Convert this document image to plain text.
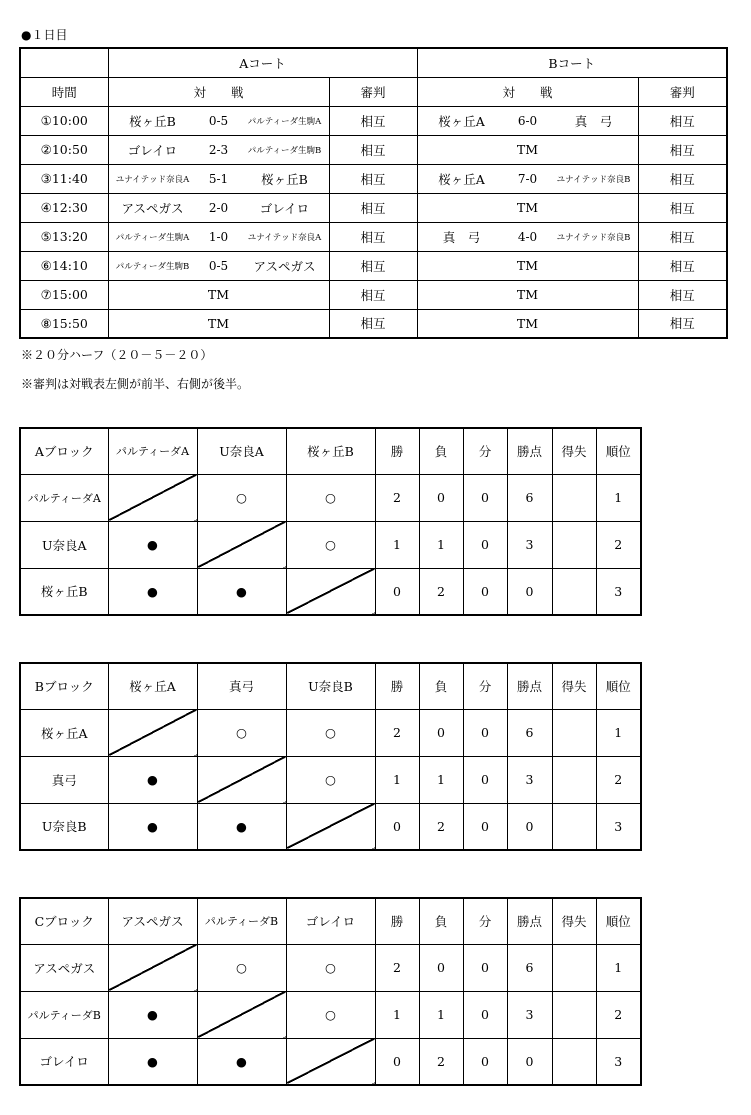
●１日目
	Aコート		Bコート	
時間	対　　戦	審判	対　　戦	審判
①10:00	桜ヶ丘B 0-5 パルティーダ生駒A	相互	桜ヶ丘A 6-0 真　弓	相互
②10:50	ゴレイロ 2-3 パルティーダ生駒B	相互	TM	相互
③11:40	ユナイテッド奈良A 5-1 桜ヶ丘B	相互	桜ヶ丘A 7-0 ユナイテッド奈良B	相互
④12:30	アスペガス 2-0 ゴレイロ	相互	TM	相互
⑤13:20	パルティーダ生駒A 1-0 ユナイテッド奈良A	相互	真　弓 4-0 ユナイテッド奈良B	相互
⑥14:10	パルティーダ生駒B 0-5 アスペガス	相互	TM	相互
⑦15:00	TM	相互	TM	相互
⑧15:50	TM	相互	TM	相互
※２０分ハーフ（２０－５－２０）
※審判は対戦表左側が前半、右側が後半。
Aブロック	パルティーダA	U奈良A	桜ヶ丘B	勝	負	分	勝点	得失	順位
パルティーダA		○	○	2	0	0	6		1
U奈良A	●		○	1	1	0	3		2
桜ヶ丘B	●	●		0	2	0	0		3
Bブロック	桜ヶ丘A	真弓	U奈良B	勝	負	分	勝点	得失	順位
桜ヶ丘A		○	○	2	0	0	6		1
真弓	●		○	1	1	0	3		2
U奈良B	●	●		0	2	0	0		3
Cブロック	アスペガス	パルティーダB	ゴレイロ	勝	負	分	勝点	得失	順位
アスペガス		○	○	2	0	0	6		1
パルティーダB	●		○	1	1	0	3		2
ゴレイロ	●	●		0	2	0	0		3
